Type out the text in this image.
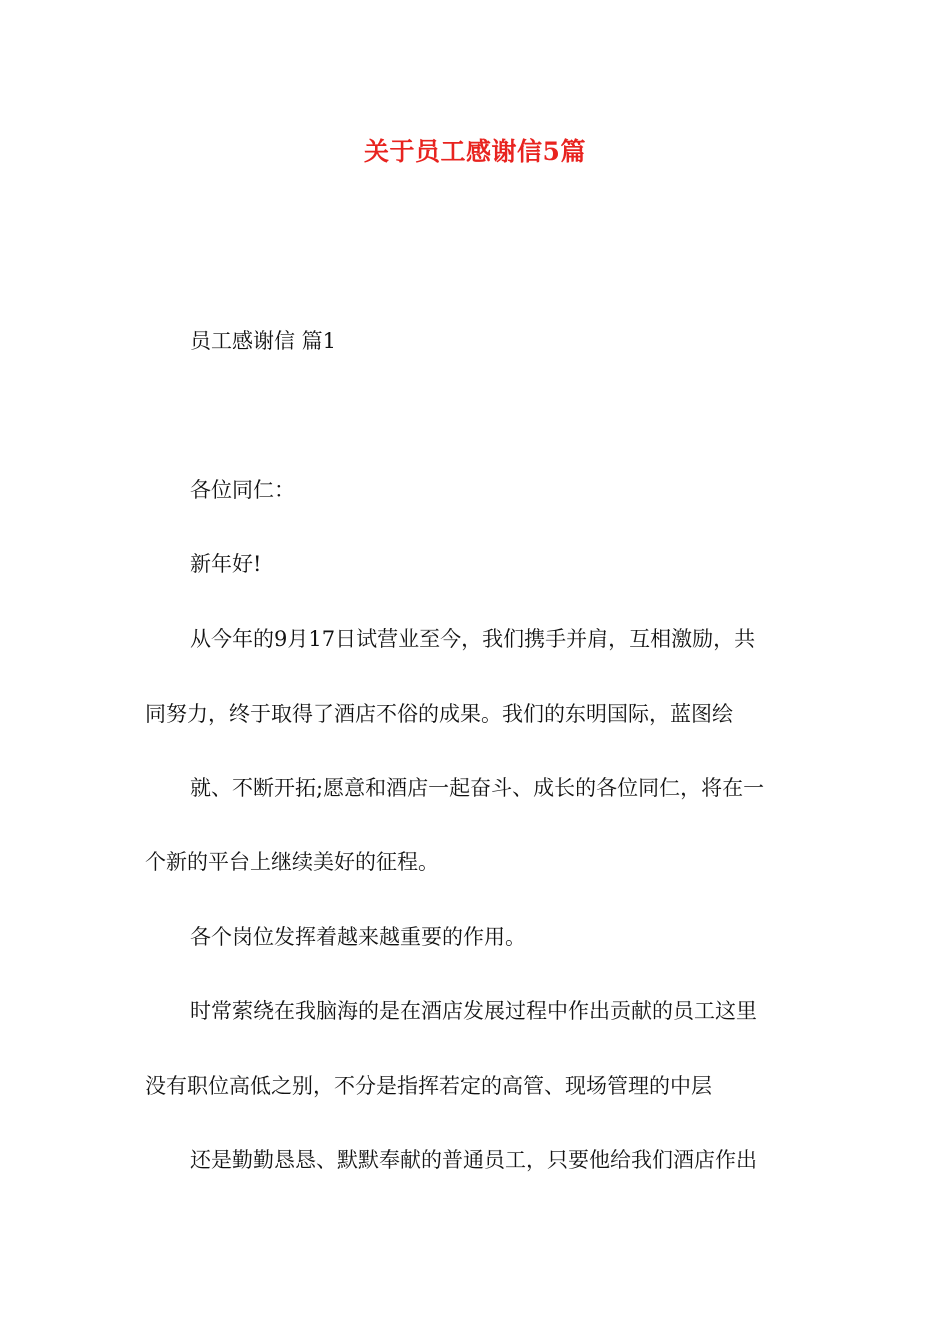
关于员工感谢信5篇
员工感谢信 篇1
各位同仁：
新年好!
从今年的9月17日试营业至今，我们携手并肩，互相激励，共
同努力，终于取得了酒店不俗的成果。我们的东明国际，蓝图绘
就、不断开拓;愿意和酒店一起奋斗、成长的各位同仁，将在一
个新的平台上继续美好的征程。
各个岗位发挥着越来越重要的作用。
时常萦绕在我脑海的是在酒店发展过程中作出贡献的员工这里
没有职位高低之别，不分是指挥若定的高管、现场管理的中层
还是勤勤恳恳、默默奉献的普通员工，只要他给我们酒店作出
